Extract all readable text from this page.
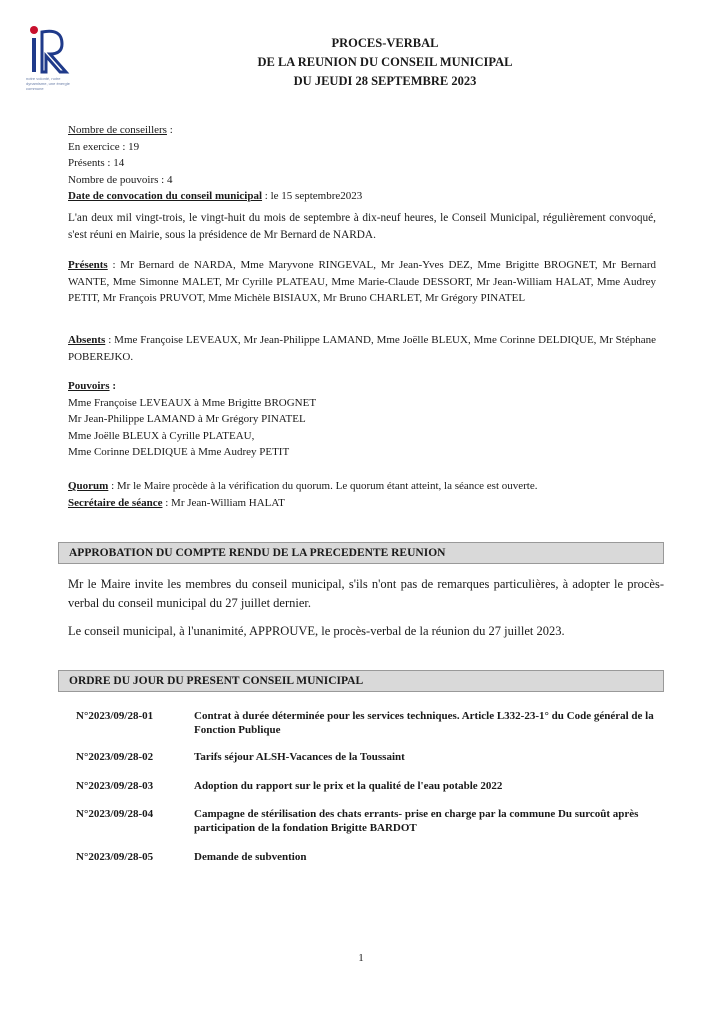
notre volonté, notre dynamisme, une énergie commune
PROCES-VERBAL
DE LA REUNION DU CONSEIL MUNICIPAL
DU JEUDI 28 SEPTEMBRE 2023

Nombre de conseillers :

En exercice : 19

Présents : 14

Nombre de pouvoirs : 4

Date de convocation du conseil municipal : le 15 septembre2023

L'an deux mil vingt-trois, le vingt-huit du mois de septembre à dix-neuf heures, le Conseil Municipal, régulièrement convoqué, s'est réuni en Mairie, sous la présidence de Mr Bernard de NARDA.
Présents : Mr Bernard de NARDA, Mme Maryvone RINGEVAL, Mr Jean-Yves DEZ, Mme Brigitte BROGNET, Mr Bernard WANTE, Mme Simonne MALET, Mr Cyrille PLATEAU, Mme Marie-Claude DESSORT, Mr Jean-William HALAT, Mme Audrey PETIT, Mr François PRUVOT, Mme Michèle BISIAUX, Mr Bruno CHARLET, Mr Grégory PINATEL
Absents : Mme Françoise LEVEAUX, Mr Jean-Philippe LAMAND, Mme Joëlle BLEUX, Mme Corinne DELDIQUE, Mr Stéphane POBEREJKO.

Pouvoirs :

Mme Françoise LEVEAUX à Mme Brigitte BROGNET

Mr Jean-Philippe LAMAND à Mr Grégory PINATEL

Mme Joëlle BLEUX à Cyrille PLATEAU,

Mme Corinne DELDIQUE à Mme Audrey PETIT

Quorum : Mr le Maire procède à la vérification du quorum. Le quorum étant atteint, la séance est ouverte.

Secrétaire de séance : Mr Jean-William HALAT

APPROBATION DU COMPTE RENDU DE LA PRECEDENTE REUNION
Mr le Maire invite les membres du conseil municipal, s'ils n'ont pas de remarques particulières, à adopter le procès-verbal du conseil municipal du 27 juillet dernier.
Le conseil municipal, à l'unanimité, APPROUVE, le procès-verbal de la réunion du 27 juillet 2023.
ORDRE DU JOUR DU PRESENT CONSEIL MUNICIPAL
N°2023/09/28-01	Contrat à durée déterminée pour les services techniques. Article L332-23-1° du Code général de la Fonction Publique
N°2023/09/28-02	Tarifs séjour ALSH-Vacances de la Toussaint
N°2023/09/28-03	Adoption du rapport sur le prix et la qualité de l'eau potable 2022
N°2023/09/28-04	Campagne de stérilisation des chats errants- prise en charge par la commune Du surcoût après participation de la fondation Brigitte BARDOT
N°2023/09/28-05	Demande de subvention
1
